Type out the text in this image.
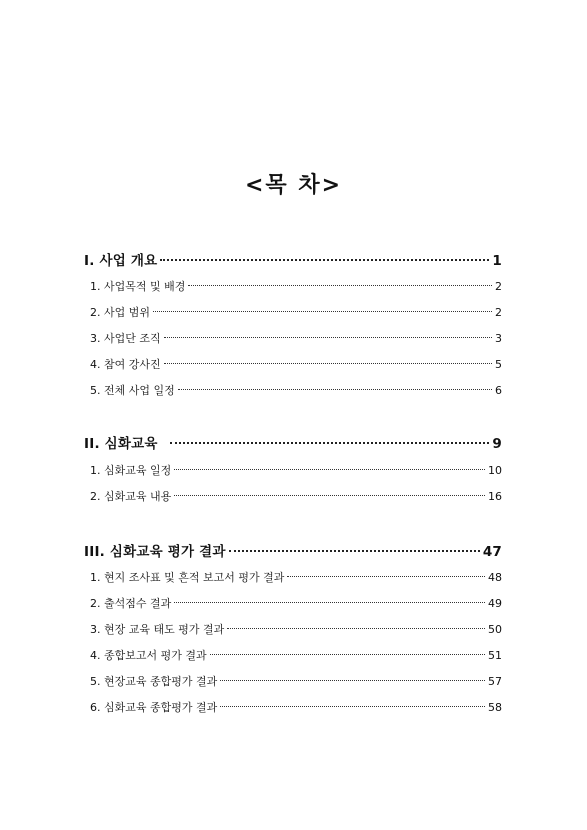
<목 차>
I. 사업 개요	1
1. 사업목적 및 배경	2
2. 사업 범위	2
3. 사업단 조직	3
4. 참여 강사진	5
5. 전체 사업 일정	6
II. 심화교육	9
1. 심화교육 일정	10
2. 심화교육 내용	16
III. 심화교육 평가 결과	47
1. 현지 조사표 및 흔적 보고서 평가 결과	48
2. 출석점수 결과	49
3. 현장 교육 태도 평가 결과	50
4. 종합보고서 평가 결과	51
5. 현장교육 종합평가 결과	57
6. 심화교육 종합평가 결과	58
